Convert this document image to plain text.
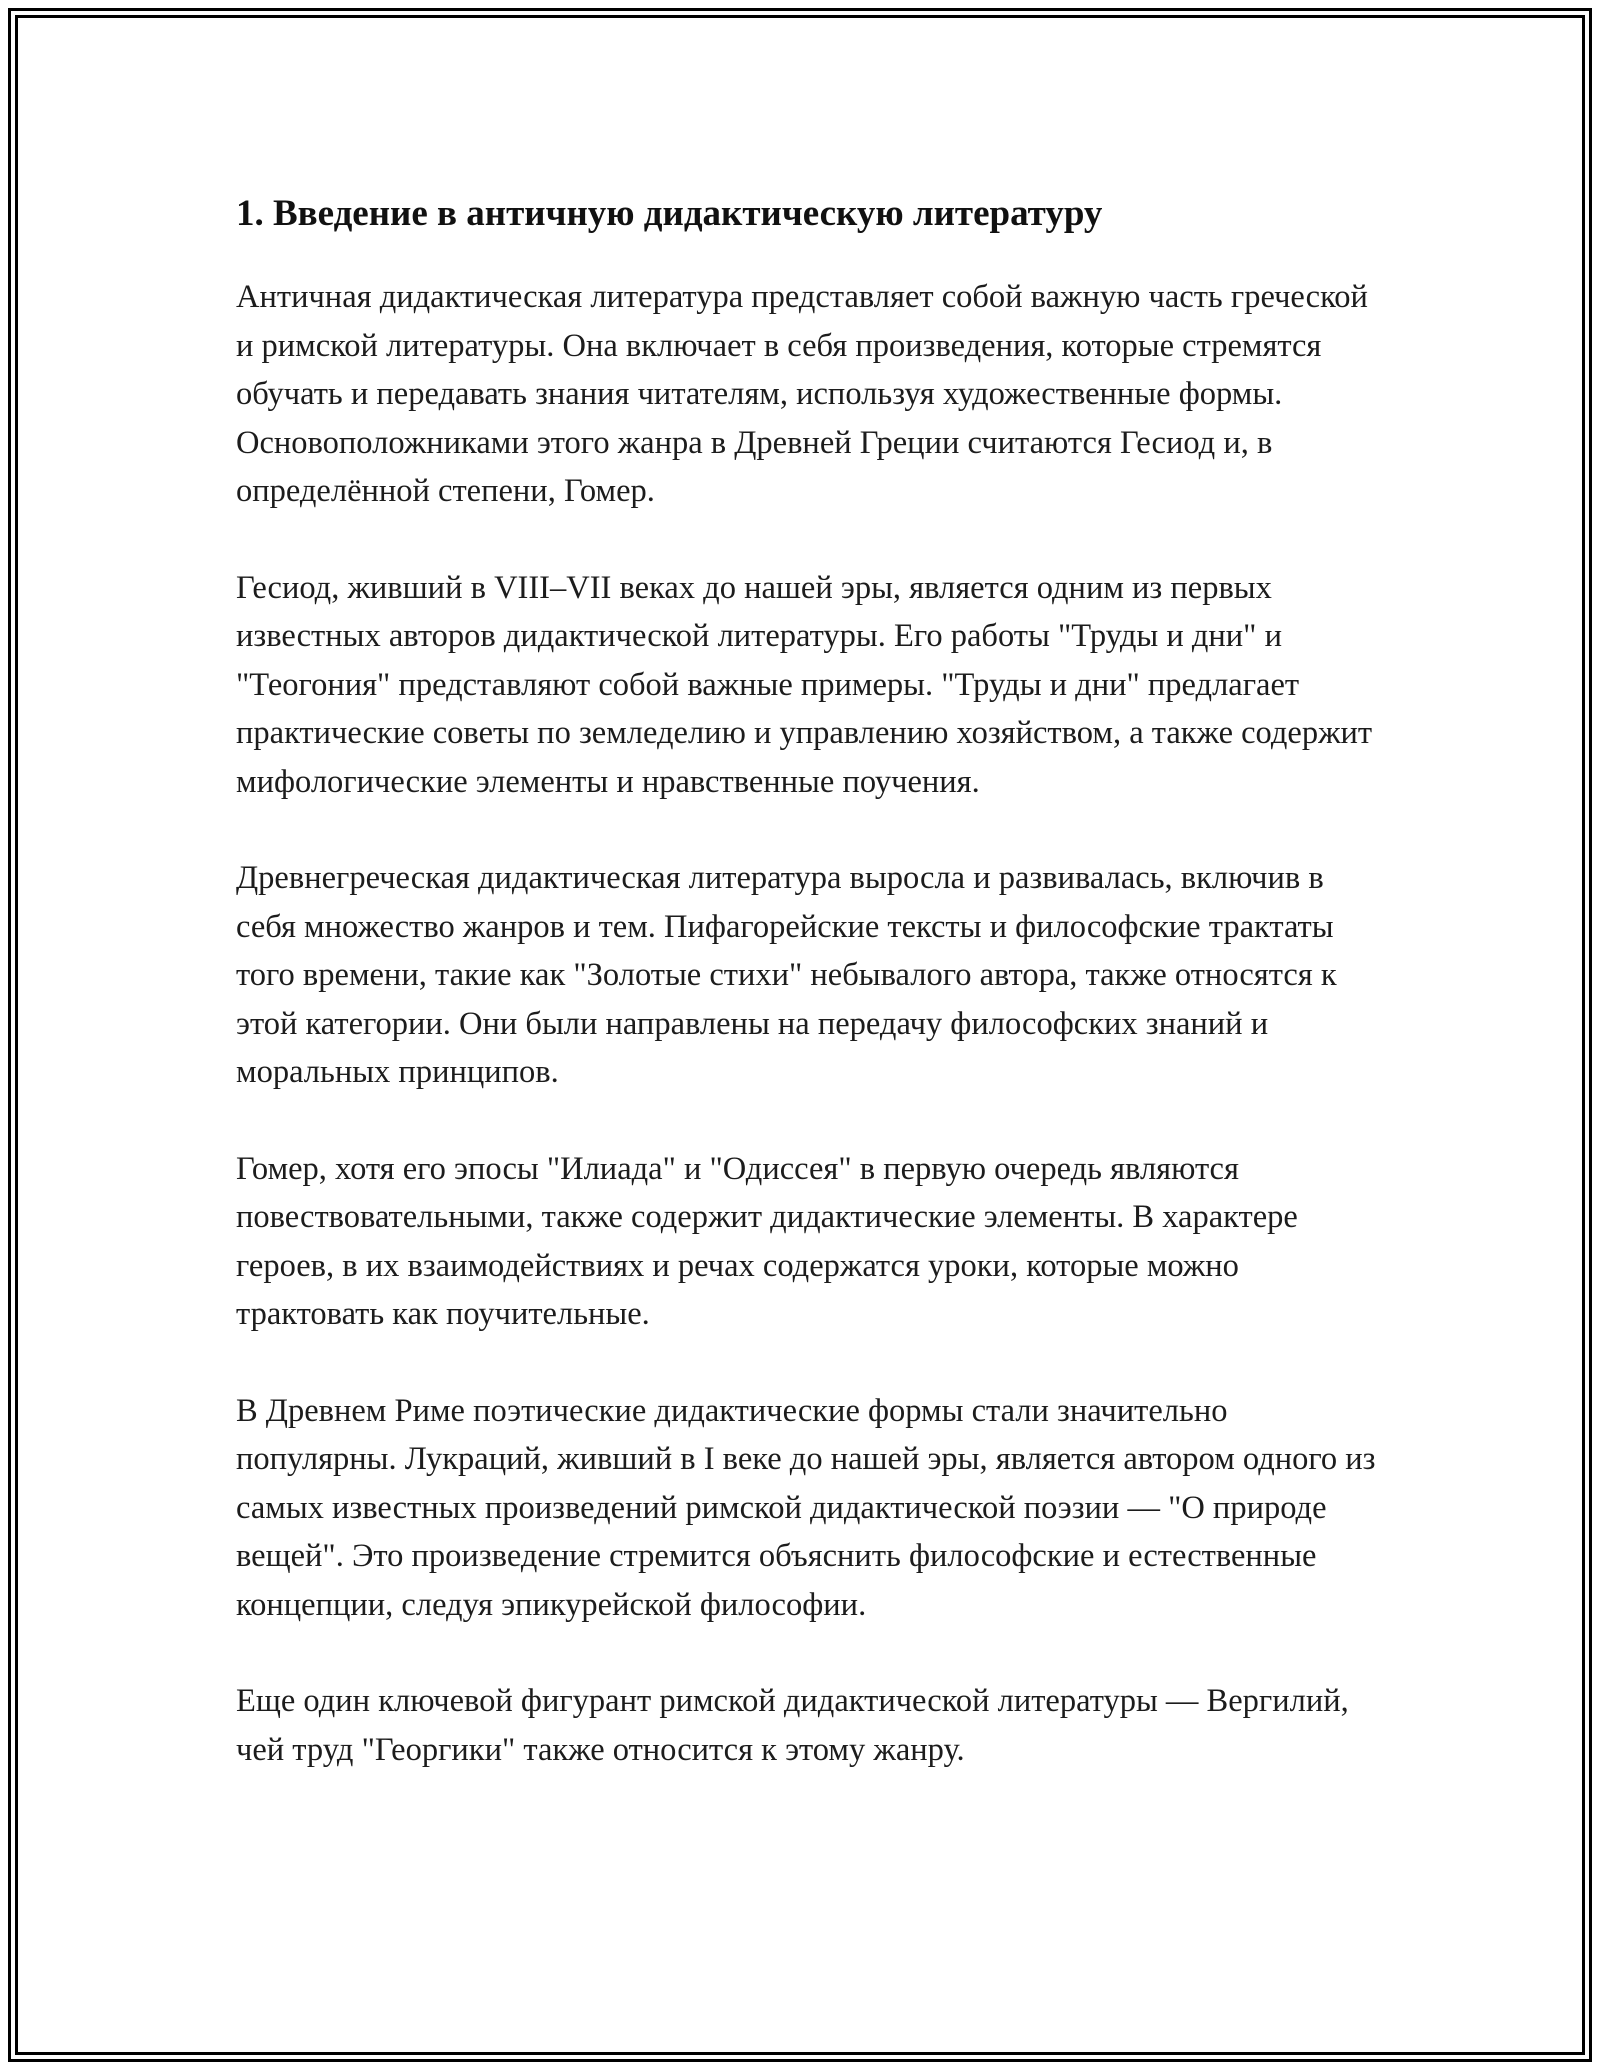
1. Введение в античную дидактическую литературу

Античная дидактическая литература представляет собой важную часть греческой и римской литературы. Она включает в себя произведения, которые стремятся обучать и передавать знания читателям, используя художественные формы. Основоположниками этого жанра в Древней Греции считаются Гесиод и, в определённой степени, Гомер.

Гесиод, живший в VIII–VII веках до нашей эры, является одним из первых известных авторов дидактической литературы. Его работы "Труды и дни" и "Теогония" представляют собой важные примеры. "Труды и дни" предлагает практические советы по земледелию и управлению хозяйством, а также содержит мифологические элементы и нравственные поучения.

Древнегреческая дидактическая литература выросла и развивалась, включив в себя множество жанров и тем. Пифагорейские тексты и философские трактаты того времени, такие как "Золотые стихи" небывалого автора, также относятся к этой категории. Они были направлены на передачу философских знаний и моральных принципов.

Гомер, хотя его эпосы "Илиада" и "Одиссея" в первую очередь являются повествовательными, также содержит дидактические элементы. В характере героев, в их взаимодействиях и речах содержатся уроки, которые можно трактовать как поучительные.

В Древнем Риме поэтические дидактические формы стали значительно популярны. Лукраций, живший в I веке до нашей эры, является автором одного из самых известных произведений римской дидактической поэзии — "О природе вещей". Это произведение стремится объяснить философские и естественные концепции, следуя эпикурейской философии.

Еще один ключевой фигурант римской дидактической литературы — Вергилий, чей труд "Георгики" также относится к этому жанру.
